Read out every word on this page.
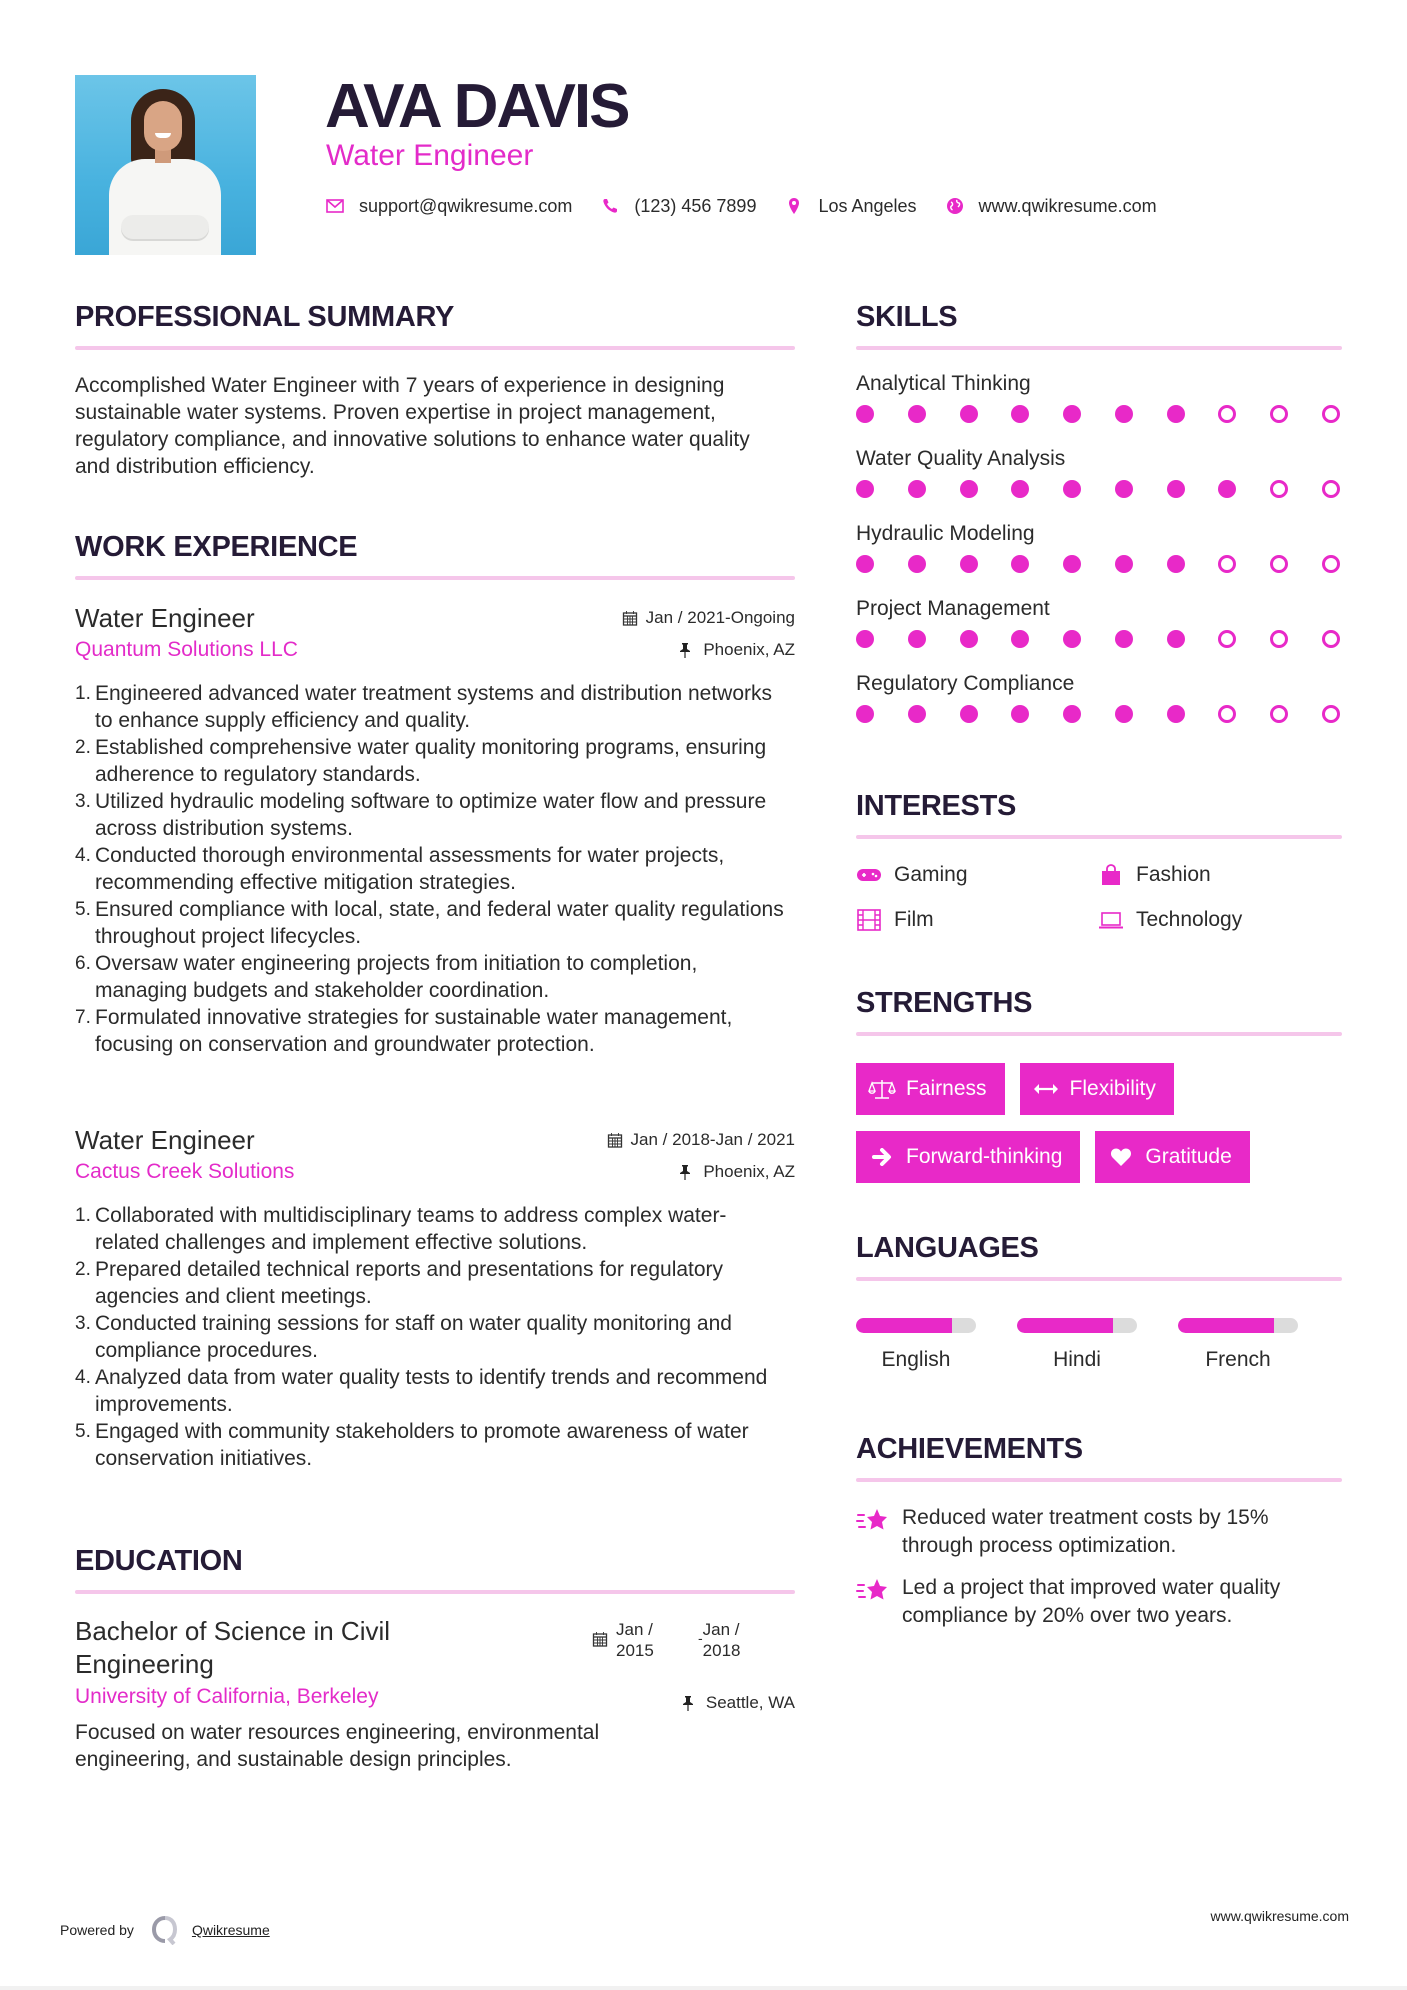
AVA DAVIS
Water Engineer
support@qwikresume.com	(123) 456 7899	Los Angeles	www.qwikresume.com
PROFESSIONAL SUMMARY
Accomplished Water Engineer with 7 years of experience in designing sustainable water systems. Proven expertise in project management, regulatory compliance, and innovative solutions to enhance water quality and distribution efficiency.
WORK EXPERIENCE
Water Engineer	Jan / 2021-Ongoing
Quantum Solutions LLC	Phoenix, AZ
Engineered advanced water treatment systems and distribution networks to enhance supply efficiency and quality.
Established comprehensive water quality monitoring programs, ensuring adherence to regulatory standards.
Utilized hydraulic modeling software to optimize water flow and pressure across distribution systems.
Conducted thorough environmental assessments for water projects, recommending effective mitigation strategies.
Ensured compliance with local, state, and federal water quality regulations throughout project lifecycles.
Oversaw water engineering projects from initiation to completion, managing budgets and stakeholder coordination.
Formulated innovative strategies for sustainable water management, focusing on conservation and groundwater protection.
Water Engineer	Jan / 2018-Jan / 2021
Cactus Creek Solutions	Phoenix, AZ
Collaborated with multidisciplinary teams to address complex water-related challenges and implement effective solutions.
Prepared detailed technical reports and presentations for regulatory agencies and client meetings.
Conducted training sessions for staff on water quality monitoring and compliance procedures.
Analyzed data from water quality tests to identify trends and recommend improvements.
Engaged with community stakeholders to promote awareness of water conservation initiatives.
EDUCATION
Bachelor of Science in Civil Engineering
University of California, Berkeley
Focused on water resources engineering, environmental engineering, and sustainable design principles.
Jan /
2015
- Jan /
2018
Seattle, WA
SKILLS
Analytical Thinking
Water Quality Analysis
Hydraulic Modeling
Project Management
Regulatory Compliance
INTERESTS
Gaming	Fashion
Film	Technology
STRENGTHS
Fairness	Flexibility
Forward-thinking	Gratitude
LANGUAGES
English	Hindi	French
ACHIEVEMENTS
Reduced water treatment costs by 15% through process optimization.
Led a project that improved water quality compliance by 20% over two years.
Powered by	Qwikresume
www.qwikresume.com
